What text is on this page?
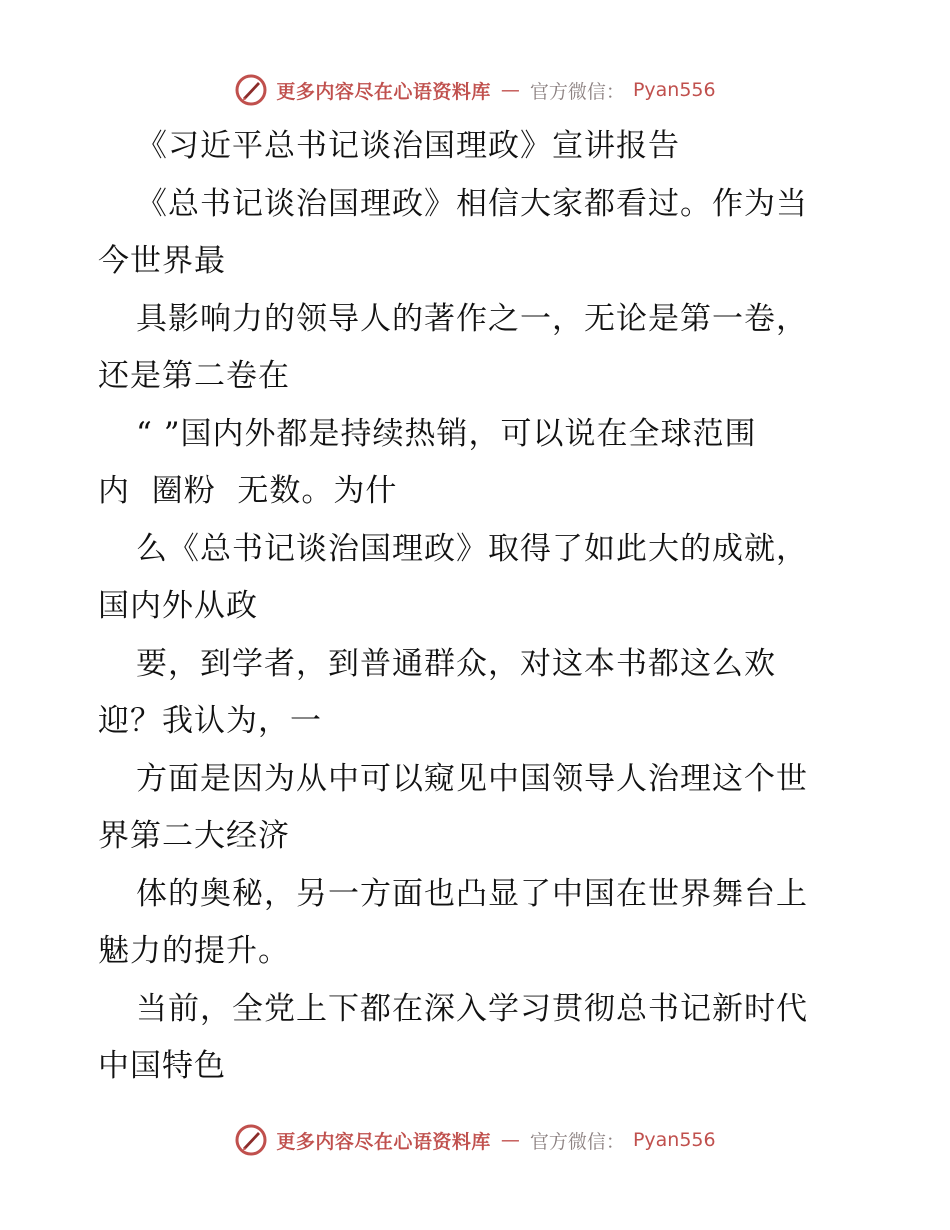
更多内容尽在心语资料库 — 官方微信： Pyan556
《习近平总书记谈治国理政》宣讲报告
《总书记谈治国理政》相信大家都看过。作为当
今世界最
具影响力的领导人的著作之一，无论是第一卷，
还是第二卷在
“ ”国内外都是持续热销，可以说在全球范围
内  圈粉  无数。为什
么《总书记谈治国理政》取得了如此大的成就，
国内外从政
要，到学者，到普通群众，对这本书都这么欢
迎？我认为，一
方面是因为从中可以窥见中国领导人治理这个世
界第二大经济
体的奥秘，另一方面也凸显了中国在世界舞台上
魅力的提升。
当前，全党上下都在深入学习贯彻总书记新时代
中国特色
更多内容尽在心语资料库 — 官方微信： Pyan556
